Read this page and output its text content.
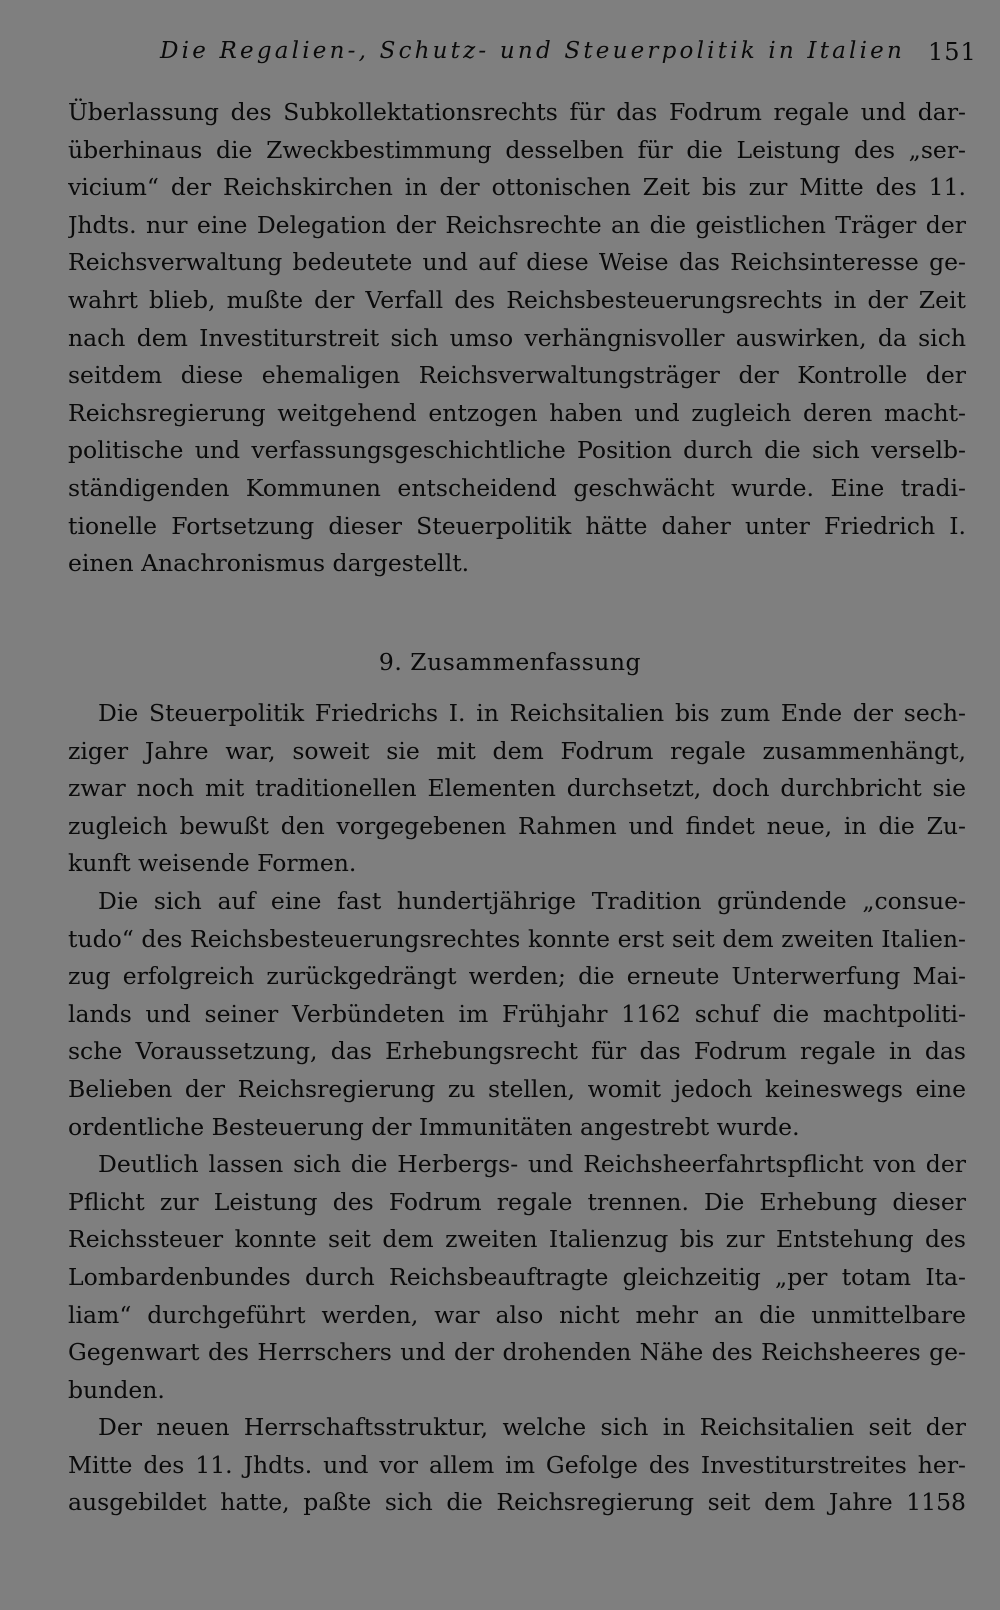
Die Regalien-, Schutz- und Steuerpolitik in Italien 151
Überlassung des Subkollektationsrechts für das Fodrum regale und dar-
überhinaus die Zweckbestimmung desselben für die Leistung des „ser-
vicium“ der Reichskirchen in der ottonischen Zeit bis zur Mitte des 11.
Jhdts. nur eine Delegation der Reichsrechte an die geistlichen Träger der
Reichsverwaltung bedeutete und auf diese Weise das Reichsinteresse ge-
wahrt blieb, mußte der Verfall des Reichsbesteuerungsrechts in der Zeit
nach dem Investiturstreit sich umso verhängnisvoller auswirken, da sich
seitdem diese ehemaligen Reichsverwaltungsträger der Kontrolle der
Reichsregierung weitgehend entzogen haben und zugleich deren macht-
politische und verfassungsgeschichtliche Position durch die sich verselb-
ständigenden Kommunen entscheidend geschwächt wurde. Eine tradi-
tionelle Fortsetzung dieser Steuerpolitik hätte daher unter Friedrich I.
einen Anachronismus dargestellt.
9. Zusammenfassung
Die Steuerpolitik Friedrichs I. in Reichsitalien bis zum Ende der sech-
ziger Jahre war, soweit sie mit dem Fodrum regale zusammenhängt,
zwar noch mit traditionellen Elementen durchsetzt, doch durchbricht sie
zugleich bewußt den vorgegebenen Rahmen und findet neue, in die Zu-
kunft weisende Formen.
Die sich auf eine fast hundertjährige Tradition gründende „consue-
tudo“ des Reichsbesteuerungsrechtes konnte erst seit dem zweiten Italien-
zug erfolgreich zurückgedrängt werden; die erneute Unterwerfung Mai-
lands und seiner Verbündeten im Frühjahr 1162 schuf die machtpoliti-
sche Voraussetzung, das Erhebungsrecht für das Fodrum regale in das
Belieben der Reichsregierung zu stellen, womit jedoch keineswegs eine
ordentliche Besteuerung der Immunitäten angestrebt wurde.
Deutlich lassen sich die Herbergs- und Reichsheerfahrtspflicht von der
Pflicht zur Leistung des Fodrum regale trennen. Die Erhebung dieser
Reichssteuer konnte seit dem zweiten Italienzug bis zur Entstehung des
Lombardenbundes durch Reichsbeauftragte gleichzeitig „per totam Ita-
liam“ durchgeführt werden, war also nicht mehr an die unmittelbare
Gegenwart des Herrschers und der drohenden Nähe des Reichsheeres ge-
bunden.
Der neuen Herrschaftsstruktur, welche sich in Reichsitalien seit der
Mitte des 11. Jhdts. und vor allem im Gefolge des Investiturstreites her-
ausgebildet hatte, paßte sich die Reichsregierung seit dem Jahre 1158
